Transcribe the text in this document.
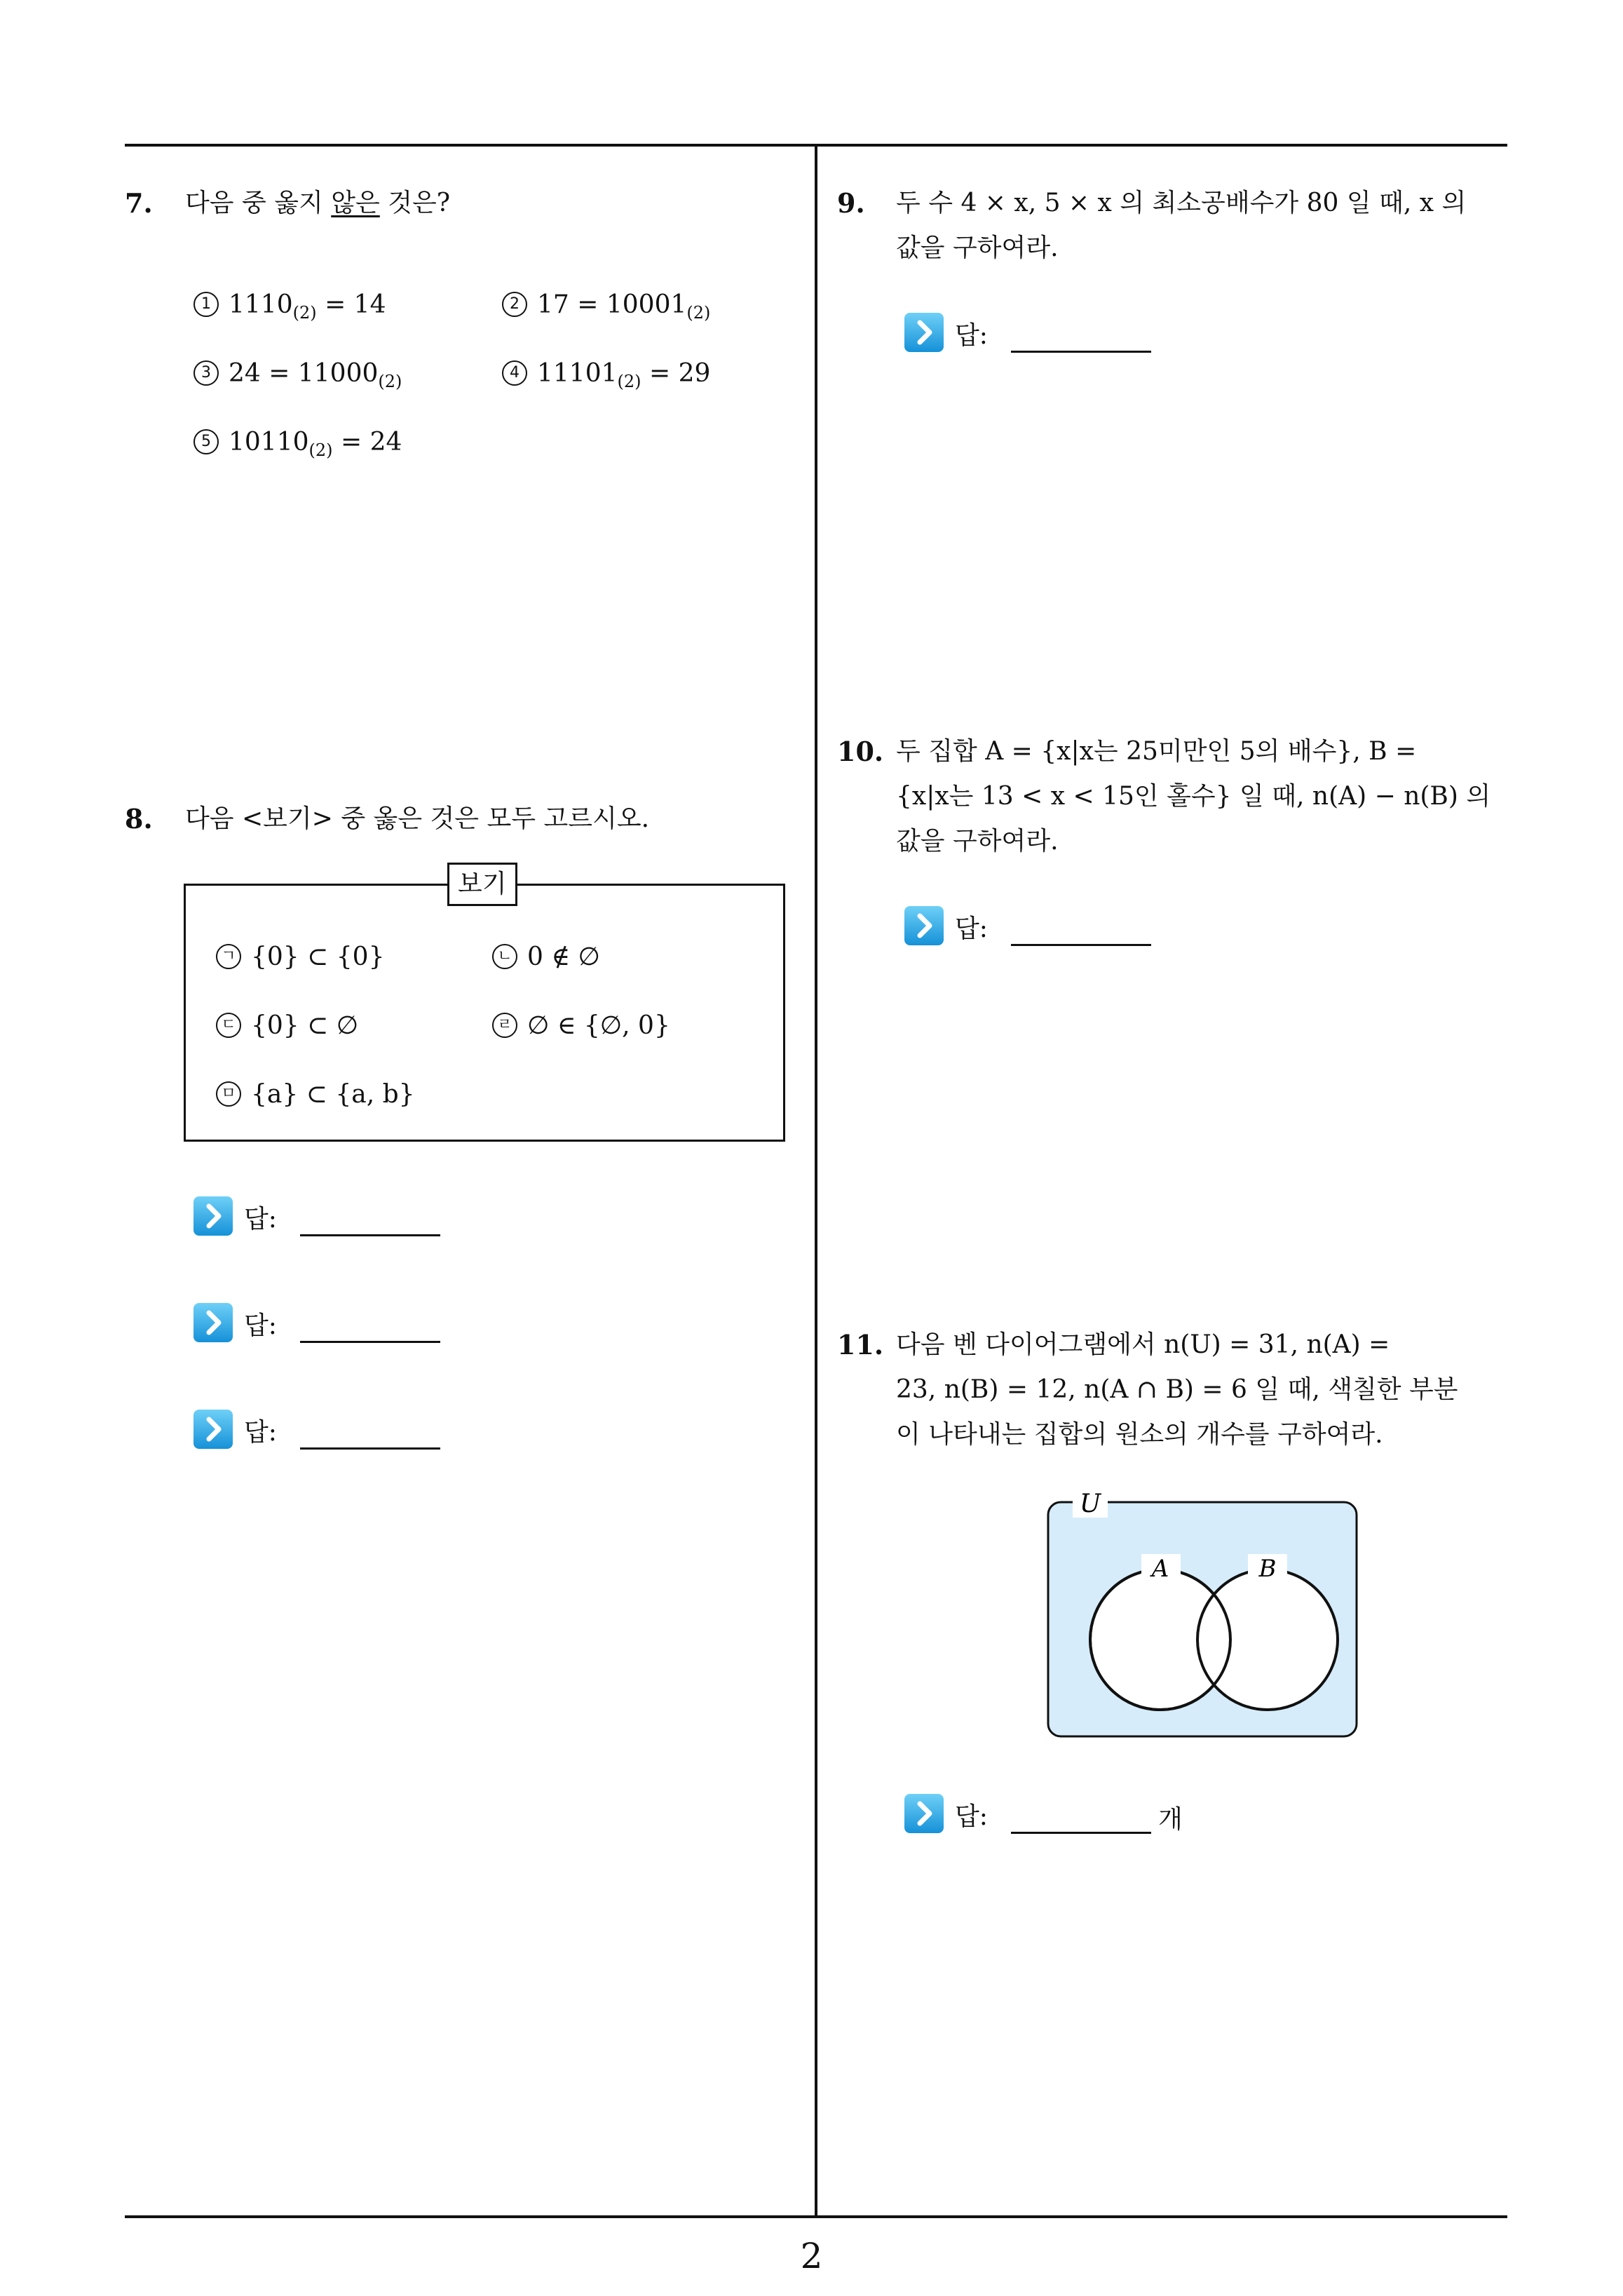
7. 다음 중 옳지 않은 것은?
1 $1110_{(2)} = 14$	2 $17 = 10001_{(2)}$
3 $24 = 11000_{(2)}$	4 $11101_{(2)} = 29$
5 $10110_{(2)} = 24$
8. 다음 <보기> 중 옳은 것은 모두 고르시오.
보기
ㄱ {0} ⊂ {0}	ㄴ 0 ∉ ∅
ㄷ {0} ⊂ ∅	ㄹ ∅ ∈ {∅, 0}
ㅁ {a} ⊂ {a, b}
답:
답:
답:
9. 두 수 4 × x, 5 × x 의 최소공배수가 80 일 때, x 의
값을 구하여라.
답:
10. 두 집합 A = {x|x는 25미만인 5의 배수}, B =
{x|x는 13 < x < 15인 홀수} 일 때, n(A) − n(B) 의
값을 구하여라.
답:
11. 다음 벤 다이어그램에서 n(U) = 31, n(A) =
23, n(B) = 12, n(A ∩ B) = 6 일 때, 색칠한 부분
이 나타내는 집합의 원소의 개수를 구하여라.
U
A	B
답:	개
2
